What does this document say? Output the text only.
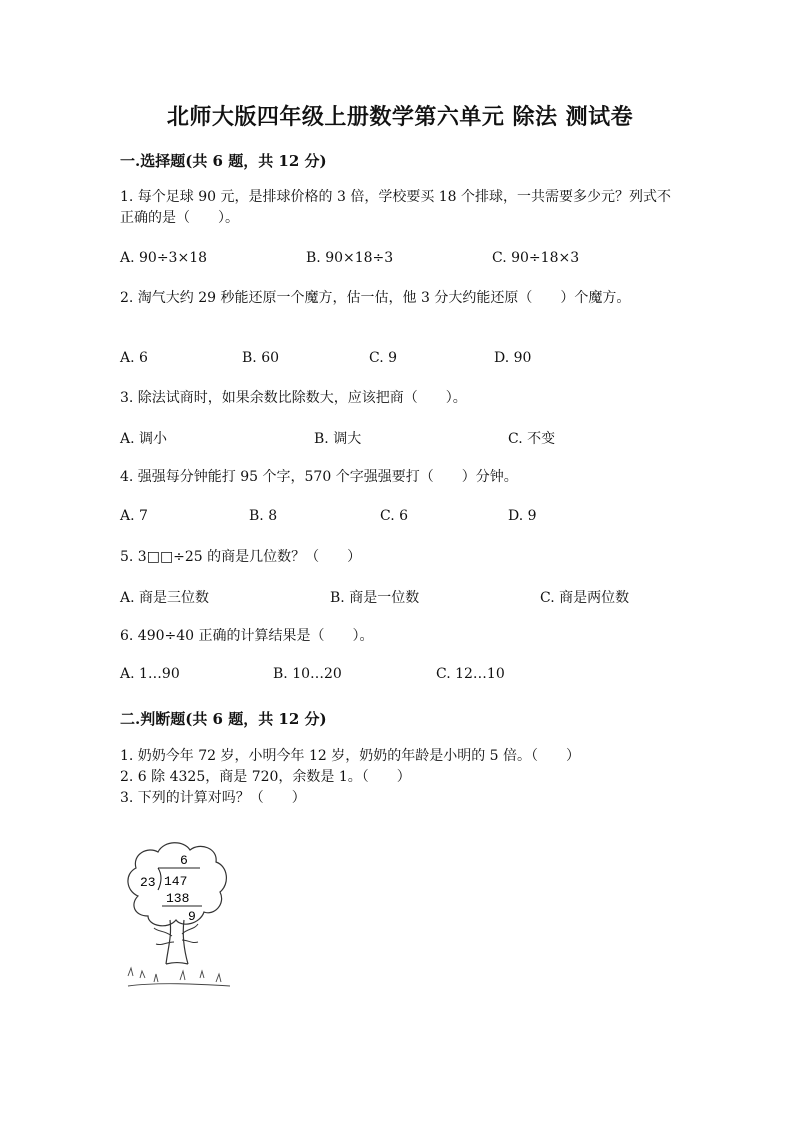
北师大版四年级上册数学第六单元 除法 测试卷
一.选择题(共 6 题，共 12 分)
1. 每个足球 90 元，是排球价格的 3 倍，学校要买 18 个排球，一共需要多少元？列式不正确的是（　　）。
A. 90÷3×18	B. 90×18÷3	C. 90÷18×3
2. 淘气大约 29 秒能还原一个魔方，估一估，他 3 分大约能还原（　　）个魔方。
A. 6	B. 60	C. 9	D. 90
3. 除法试商时，如果余数比除数大，应该把商（　　）。
A. 调小	B. 调大	C. 不变
4. 强强每分钟能打 95 个字，570 个字强强要打（　　）分钟。
A. 7	B. 8	C. 6	D. 9
5. 3□□÷25 的商是几位数？（　　）
A. 商是三位数	B. 商是一位数	C. 商是两位数
6. 490÷40 正确的计算结果是（　　）。
A. 1…90	B. 10…20	C. 12…10
二.判断题(共 6 题，共 12 分)
1. 奶奶今年 72 岁，小明今年 12 岁，奶奶的年龄是小明的 5 倍。（　　）
2. 6 除 4325，商是 720，余数是 1。（　　）
3. 下列的计算对吗？（　　）
6
23 147
138
9
